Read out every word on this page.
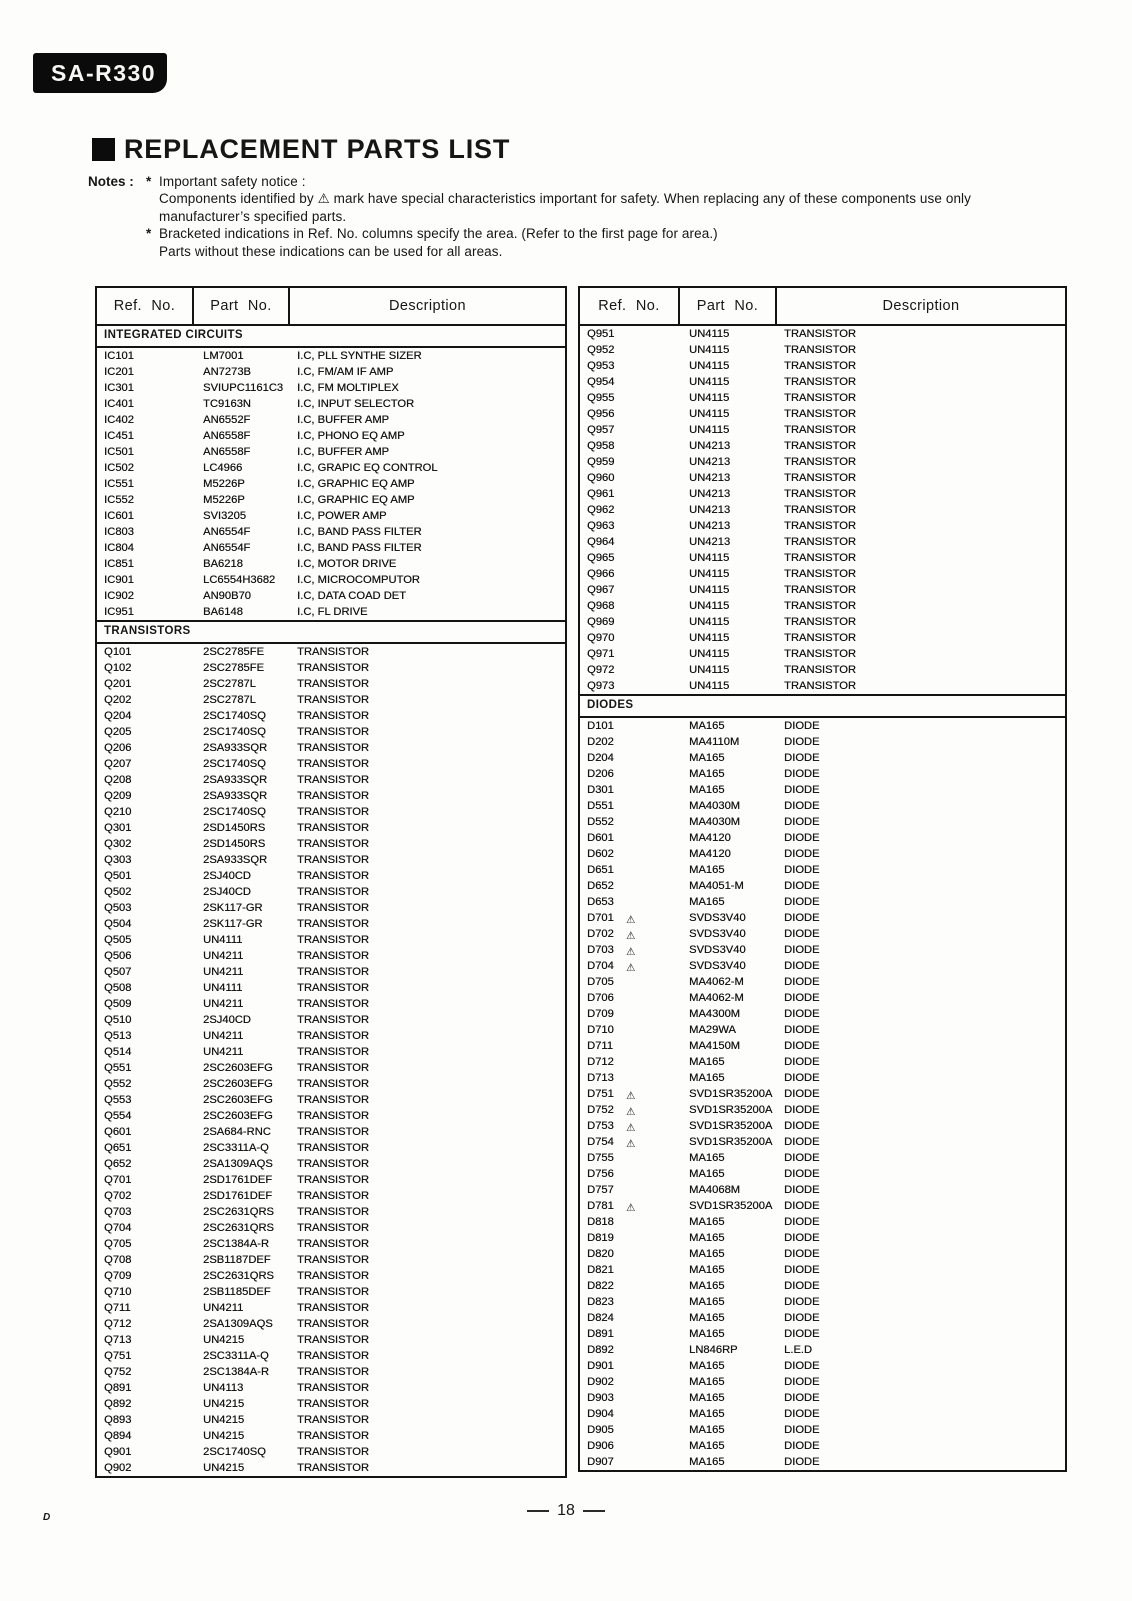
SA-R330
REPLACEMENT PARTS LIST
Notes : * Important safety notice :
Components identified by ⚠ mark have special characteristics important for safety. When replacing any of these components use only
manufacturer’s specified parts.
* Bracketed indications in Ref. No. columns specify the area. (Refer to the first page for area.)
Parts without these indications can be used for all areas.
Ref. No.	Part No.	Description
INTEGRATED CIRCUITS
IC101	LM7001	I.C, PLL SYNTHE SIZER
IC201	AN7273B	I.C, FM/AM IF AMP
IC301	SVIUPC1161C3	I.C, FM MOLTIPLEX
IC401	TC9163N	I.C, INPUT SELECTOR
IC402	AN6552F	I.C, BUFFER AMP
IC451	AN6558F	I.C, PHONO EQ AMP
IC501	AN6558F	I.C, BUFFER AMP
IC502	LC4966	I.C, GRAPIC EQ CONTROL
IC551	M5226P	I.C, GRAPHIC EQ AMP
IC552	M5226P	I.C, GRAPHIC EQ AMP
IC601	SVI3205	I.C, POWER AMP
IC803	AN6554F	I.C, BAND PASS FILTER
IC804	AN6554F	I.C, BAND PASS FILTER
IC851	BA6218	I.C, MOTOR DRIVE
IC901	LC6554H3682	I.C, MICROCOMPUTOR
IC902	AN90B70	I.C, DATA COAD DET
IC951	BA6148	I.C, FL DRIVE
TRANSISTORS
Q101	2SC2785FE	TRANSISTOR
Q102	2SC2785FE	TRANSISTOR
Q201	2SC2787L	TRANSISTOR
Q202	2SC2787L	TRANSISTOR
Q204	2SC1740SQ	TRANSISTOR
Q205	2SC1740SQ	TRANSISTOR
Q206	2SA933SQR	TRANSISTOR
Q207	2SC1740SQ	TRANSISTOR
Q208	2SA933SQR	TRANSISTOR
Q209	2SA933SQR	TRANSISTOR
Q210	2SC1740SQ	TRANSISTOR
Q301	2SD1450RS	TRANSISTOR
Q302	2SD1450RS	TRANSISTOR
Q303	2SA933SQR	TRANSISTOR
Q501	2SJ40CD	TRANSISTOR
Q502	2SJ40CD	TRANSISTOR
Q503	2SK117-GR	TRANSISTOR
Q504	2SK117-GR	TRANSISTOR
Q505	UN4111	TRANSISTOR
Q506	UN4211	TRANSISTOR
Q507	UN4211	TRANSISTOR
Q508	UN4111	TRANSISTOR
Q509	UN4211	TRANSISTOR
Q510	2SJ40CD	TRANSISTOR
Q513	UN4211	TRANSISTOR
Q514	UN4211	TRANSISTOR
Q551	2SC2603EFG	TRANSISTOR
Q552	2SC2603EFG	TRANSISTOR
Q553	2SC2603EFG	TRANSISTOR
Q554	2SC2603EFG	TRANSISTOR
Q601	2SA684-RNC	TRANSISTOR
Q651	2SC3311A-Q	TRANSISTOR
Q652	2SA1309AQS	TRANSISTOR
Q701	2SD1761DEF	TRANSISTOR
Q702	2SD1761DEF	TRANSISTOR
Q703	2SC2631QRS	TRANSISTOR
Q704	2SC2631QRS	TRANSISTOR
Q705	2SC1384A-R	TRANSISTOR
Q708	2SB1187DEF	TRANSISTOR
Q709	2SC2631QRS	TRANSISTOR
Q710	2SB1185DEF	TRANSISTOR
Q711	UN4211	TRANSISTOR
Q712	2SA1309AQS	TRANSISTOR
Q713	UN4215	TRANSISTOR
Q751	2SC3311A-Q	TRANSISTOR
Q752	2SC1384A-R	TRANSISTOR
Q891	UN4113	TRANSISTOR
Q892	UN4215	TRANSISTOR
Q893	UN4215	TRANSISTOR
Q894	UN4215	TRANSISTOR
Q901	2SC1740SQ	TRANSISTOR
Q902	UN4215	TRANSISTOR
Ref. No.	Part No.	Description
Q951	UN4115	TRANSISTOR
Q952	UN4115	TRANSISTOR
Q953	UN4115	TRANSISTOR
Q954	UN4115	TRANSISTOR
Q955	UN4115	TRANSISTOR
Q956	UN4115	TRANSISTOR
Q957	UN4115	TRANSISTOR
Q958	UN4213	TRANSISTOR
Q959	UN4213	TRANSISTOR
Q960	UN4213	TRANSISTOR
Q961	UN4213	TRANSISTOR
Q962	UN4213	TRANSISTOR
Q963	UN4213	TRANSISTOR
Q964	UN4213	TRANSISTOR
Q965	UN4115	TRANSISTOR
Q966	UN4115	TRANSISTOR
Q967	UN4115	TRANSISTOR
Q968	UN4115	TRANSISTOR
Q969	UN4115	TRANSISTOR
Q970	UN4115	TRANSISTOR
Q971	UN4115	TRANSISTOR
Q972	UN4115	TRANSISTOR
Q973	UN4115	TRANSISTOR
DIODES
D101	MA165	DIODE
D202	MA4110M	DIODE
D204	MA165	DIODE
D206	MA165	DIODE
D301	MA165	DIODE
D551	MA4030M	DIODE
D552	MA4030M	DIODE
D601	MA4120	DIODE
D602	MA4120	DIODE
D651	MA165	DIODE
D652	MA4051-M	DIODE
D653	MA165	DIODE
D701 ⚠	SVDS3V40	DIODE
D702 ⚠	SVDS3V40	DIODE
D703 ⚠	SVDS3V40	DIODE
D704 ⚠	SVDS3V40	DIODE
D705	MA4062-M	DIODE
D706	MA4062-M	DIODE
D709	MA4300M	DIODE
D710	MA29WA	DIODE
D711	MA4150M	DIODE
D712	MA165	DIODE
D713	MA165	DIODE
D751 ⚠	SVD1SR35200A	DIODE
D752 ⚠	SVD1SR35200A	DIODE
D753 ⚠	SVD1SR35200A	DIODE
D754 ⚠	SVD1SR35200A	DIODE
D755	MA165	DIODE
D756	MA165	DIODE
D757	MA4068M	DIODE
D781 ⚠	SVD1SR35200A	DIODE
D818	MA165	DIODE
D819	MA165	DIODE
D820	MA165	DIODE
D821	MA165	DIODE
D822	MA165	DIODE
D823	MA165	DIODE
D824	MA165	DIODE
D891	MA165	DIODE
D892	LN846RP	L.E.D
D901	MA165	DIODE
D902	MA165	DIODE
D903	MA165	DIODE
D904	MA165	DIODE
D905	MA165	DIODE
D906	MA165	DIODE
D907	MA165	DIODE
18
D
